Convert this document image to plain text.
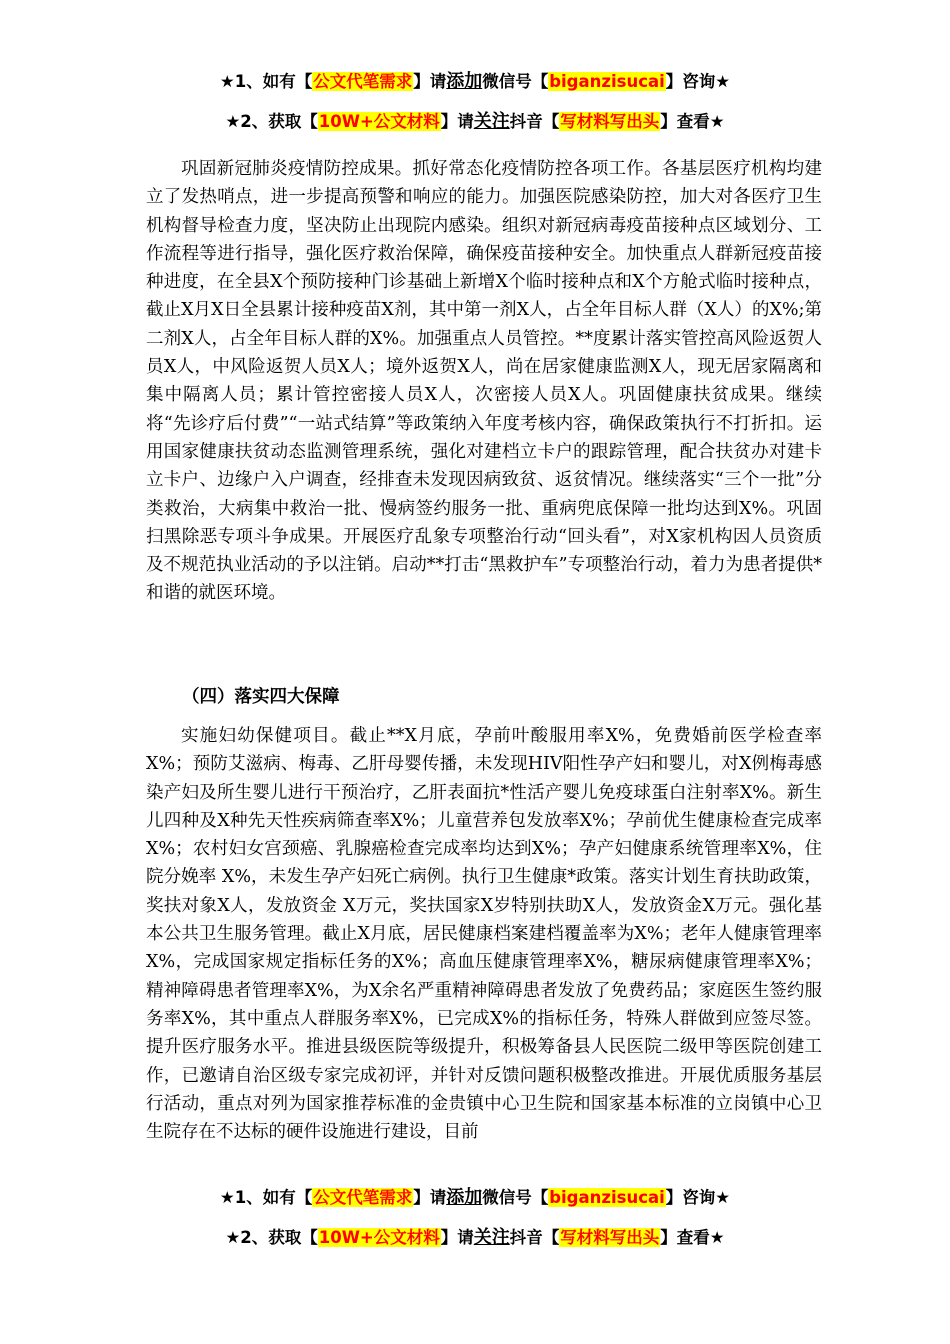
★1、如有【公文代笔需求】请添加微信号【biganzisucai】咨询★
★2、获取【10W+公文材料】请关注抖音【写材料写出头】查看★

巩固新冠肺炎疫情防控成果。抓好常态化疫情防控各项工作。各基层医疗机构均建立了发热哨点，进一步提高预警和响应的能力。加强医院感染防控，加大对各医疗卫生机构督导检查力度，坚决防止出现院内感染。组织对新冠病毒疫苗接种点区域划分、工作流程等进行指导，强化医疗救治保障，确保疫苗接种安全。加快重点人群新冠疫苗接种进度，在全县X个预防接种门诊基础上新增X个临时接种点和X个方舱式临时接种点，截止X月X日全县累计接种疫苗X剂，其中第一剂X人，占全年目标人群（X人）的X%;第二剂X人，占全年目标人群的X%。加强重点人员管控。**度累计落实管控高风险返贺人员X人，中风险返贺人员X人；境外返贺X人，尚在居家健康监测X人，现无居家隔离和集中隔离人员；累计管控密接人员X人，次密接人员X人。巩固健康扶贫成果。继续将“先诊疗后付费”“一站式结算”等政策纳入年度考核内容，确保政策执行不打折扣。运用国家健康扶贫动态监测管理系统，强化对建档立卡户的跟踪管理，配合扶贫办对建卡立卡户、边缘户入户调查，经排查未发现因病致贫、返贫情况。继续落实“三个一批”分类救治，大病集中救治一批、慢病签约服务一批、重病兜底保障一批均达到X%。巩固扫黑除恶专项斗争成果。开展医疗乱象专项整治行动“回头看”，对X家机构因人员资质及不规范执业活动的予以注销。启动**打击“黑救护车”专项整治行动，着力为患者提供*和谐的就医环境。

（四）落实四大保障

实施妇幼保健项目。截止**X月底，孕前叶酸服用率X%，免费婚前医学检查率X%；预防艾滋病、梅毒、乙肝母婴传播，未发现HIV阳性孕产妇和婴儿，对X例梅毒感染产妇及所生婴儿进行干预治疗，乙肝表面抗*性活产婴儿免疫球蛋白注射率X%。新生儿四种及X种先天性疾病筛查率X%；儿童营养包发放率X%；孕前优生健康检查完成率X%；农村妇女宫颈癌、乳腺癌检查完成率均达到X%；孕产妇健康系统管理率X%，住院分娩率 X%，未发生孕产妇死亡病例。执行卫生健康*政策。落实计划生育扶助政策，奖扶对象X人，发放资金 X万元，奖扶国家X岁特别扶助X人，发放资金X万元。强化基本公共卫生服务管理。截止X月底，居民健康档案建档覆盖率为X%；老年人健康管理率X%，完成国家规定指标任务的X%；高血压健康管理率X%，糖尿病健康管理率X%；精神障碍患者管理率X%，为X余名严重精神障碍患者发放了免费药品；家庭医生签约服务率X%，其中重点人群服务率X%，已完成X%的指标任务，特殊人群做到应签尽签。提升医疗服务水平。推进县级医院等级提升，积极筹备县人民医院二级甲等医院创建工作，已邀请自治区级专家完成初评，并针对反馈问题积极整改推进。开展优质服务基层行活动，重点对列为国家推荐标准的金贵镇中心卫生院和国家基本标准的立岗镇中心卫生院存在不达标的硬件设施进行建设，目前

★1、如有【公文代笔需求】请添加微信号【biganzisucai】咨询★
★2、获取【10W+公文材料】请关注抖音【写材料写出头】查看★
